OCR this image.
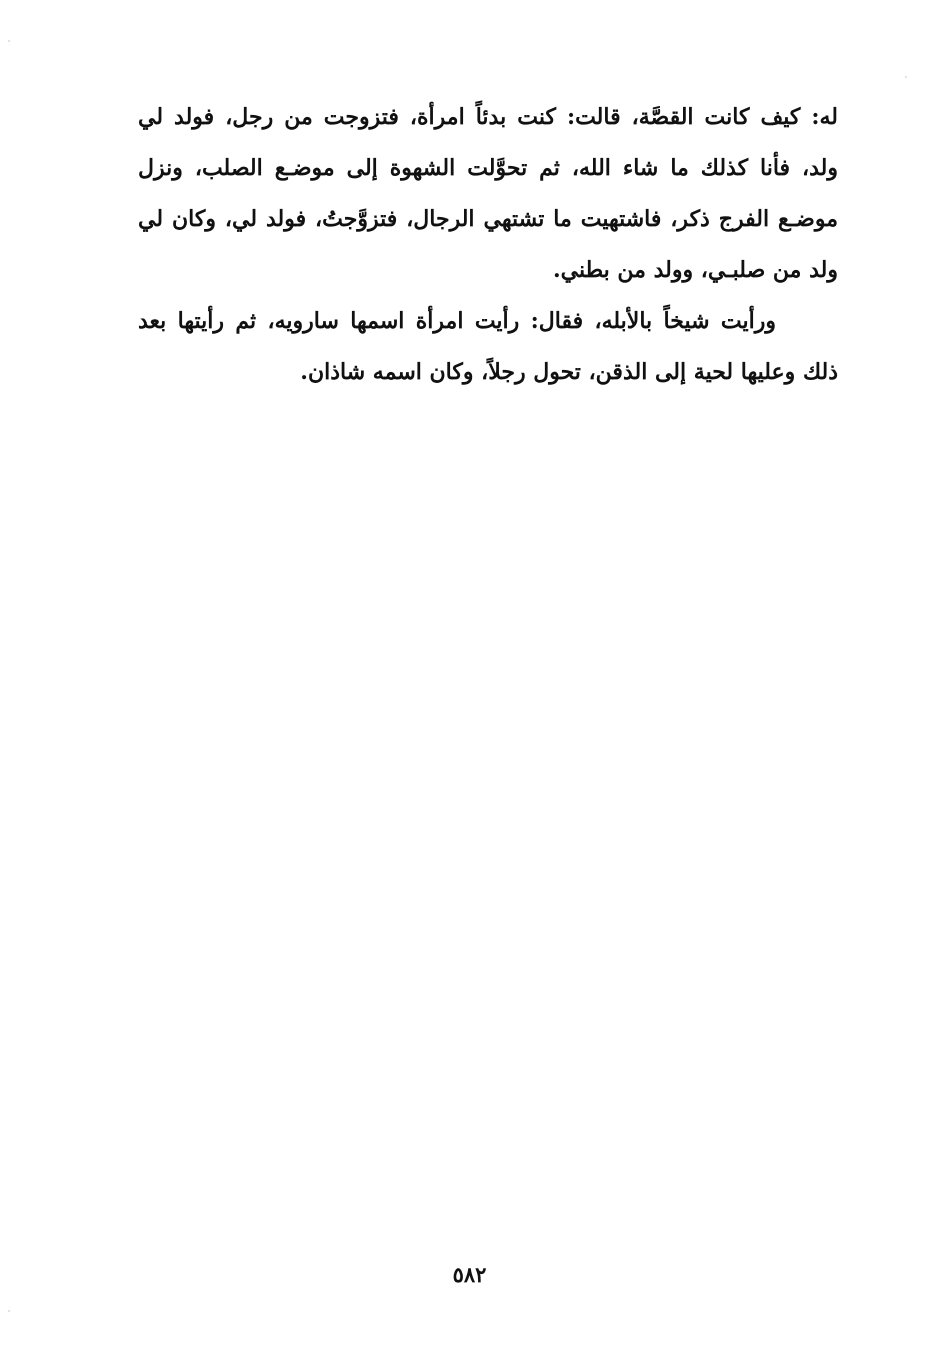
له: كيف كانت القصَّة، قالت: كنت بدئاً امرأة، فتزوجت من رجل، فولد لي ولد، فأنا كذلك ما شاء الله، ثم تحوَّلت الشهوة إلى موضـع الصلب، ونزل موضـع الفرج ذكر، فاشتهيت ما تشتهي الرجال، فتزوَّجتُ، فولد لي، وكان لي ولد من صلبـي، وولد من بطني.

ورأيت شيخاً بالأبله، فقال: رأيت امرأة اسمها سارويه، ثم رأيتها بعد ذلك وعليها لحية إلى الذقن، تحول رجلاً، وكان اسمه شاذان.

٥٨٢
